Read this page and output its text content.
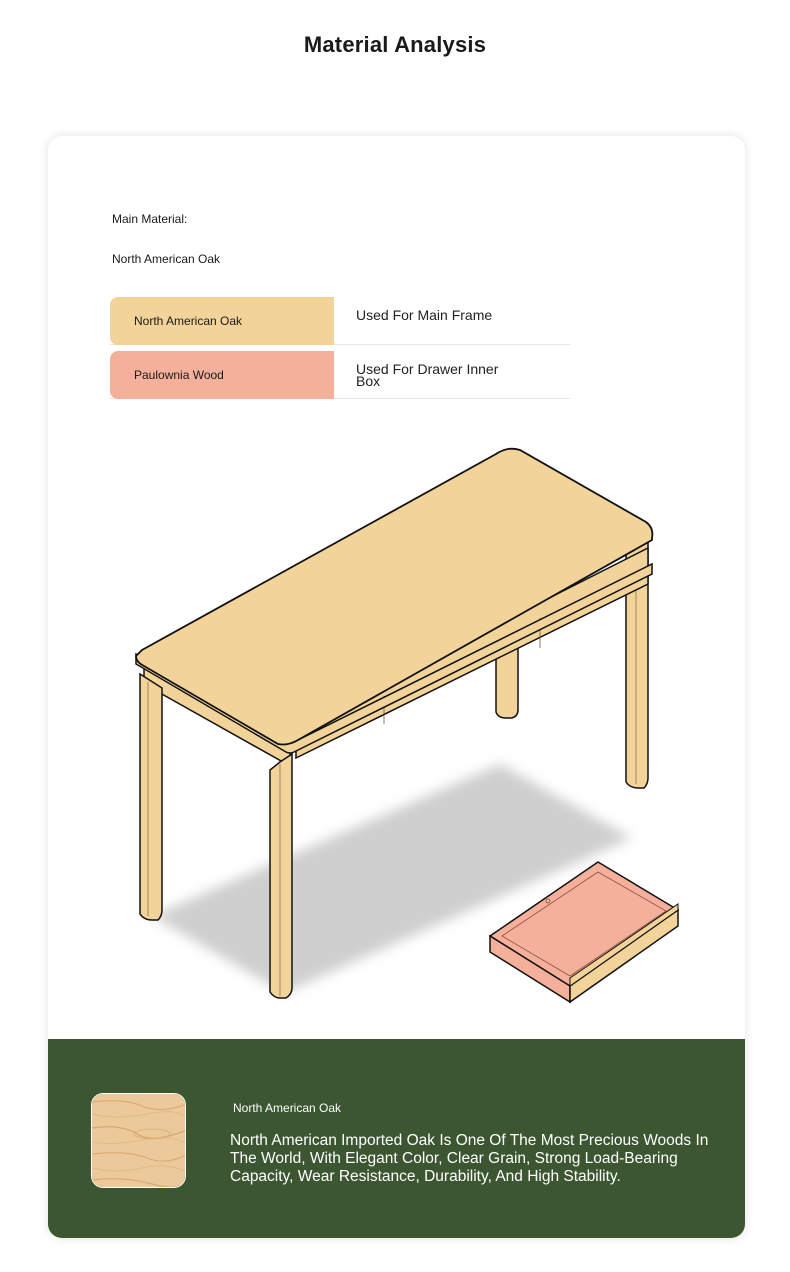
Material Analysis
Main Material:
North American Oak
North American Oak	Used For Main Frame
Paulownia Wood	Used For Drawer Inner Box
North American Oak
North American Imported Oak Is One Of The Most Precious Woods In The World, With Elegant Color, Clear Grain, Strong Load-Bearing Capacity, Wear Resistance, Durability, And High Stability.
